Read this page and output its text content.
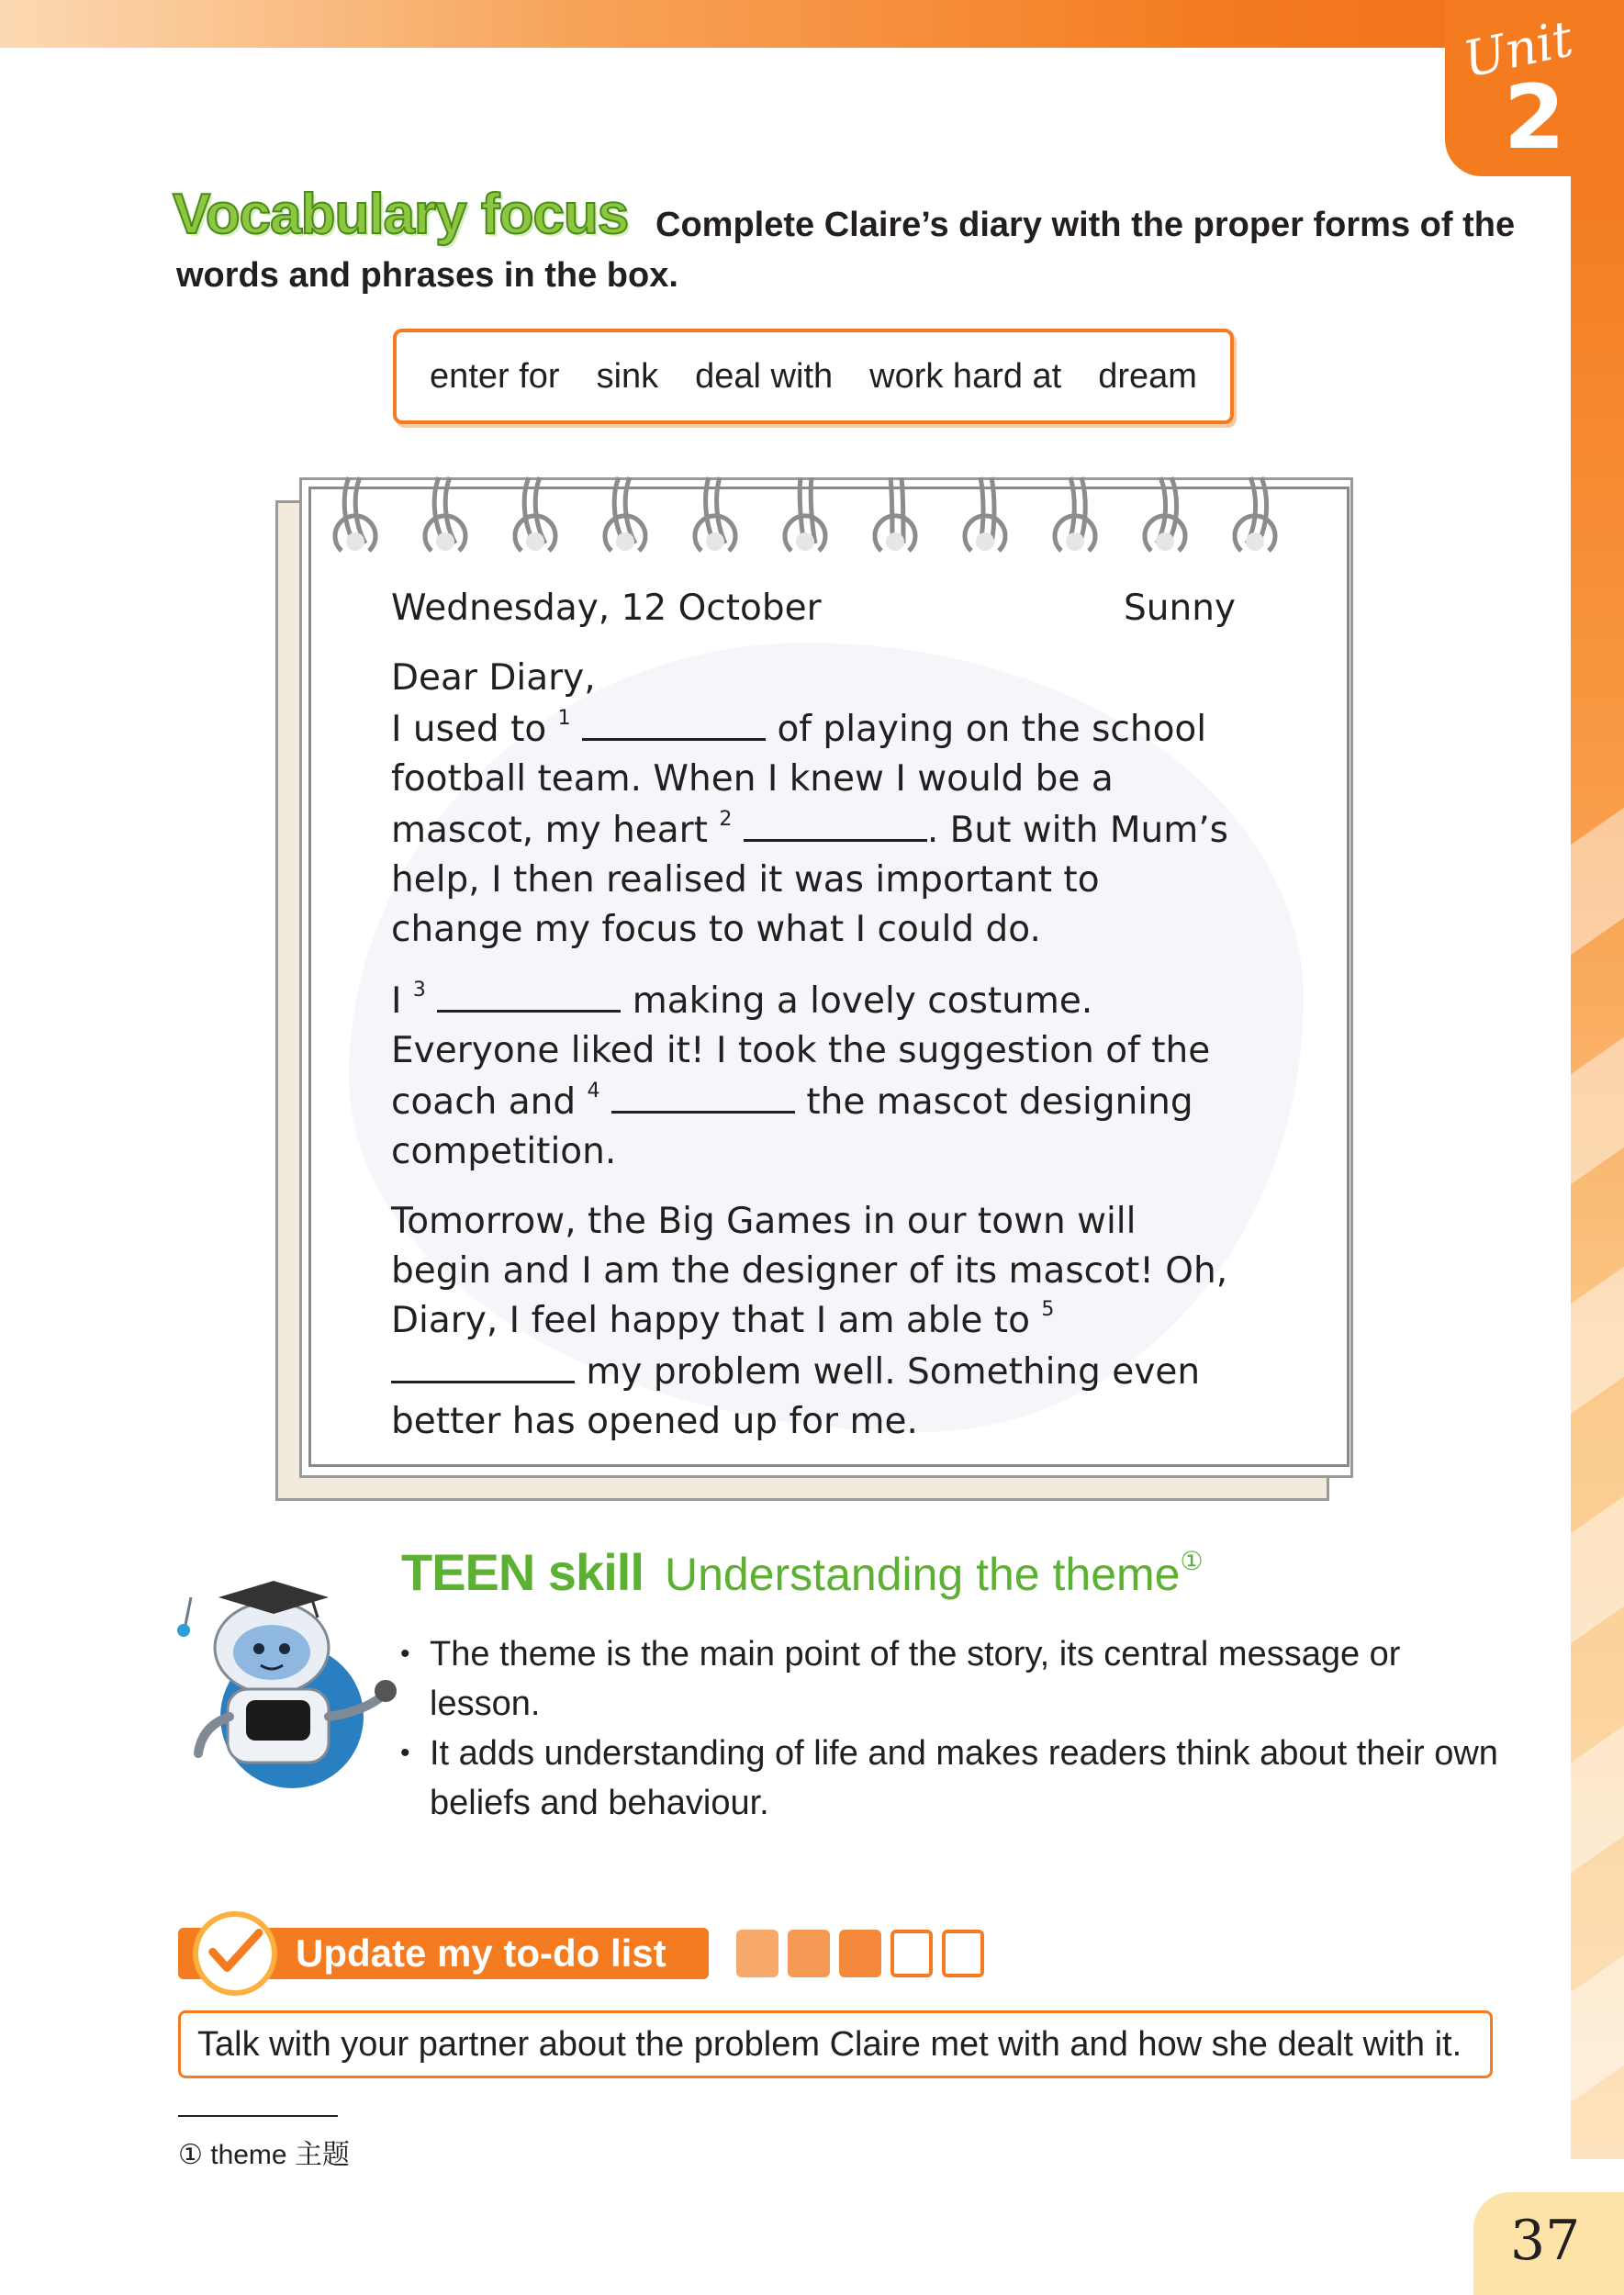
Unit
2
Complete Claire’s diary with the proper forms of the words and phrases in the box.
Vocabulary focus
enter for sink deal with work hard at dream
Wednesday, 12 October	Sunny

Dear Diary,

I used to $^1$	of playing on the school football team. When I knew I would be a mascot, my heart $^2$	. But with Mum’s help, I then realised it was important to change my focus to what I could do.

I $^3$	making a lovely costume. Everyone liked it! I took the suggestion of the coach and $^4$	the mascot designing competition.

Tomorrow, the Big Games in our town will begin and I am the designer of its mascot! Oh, Diary, I feel happy that I am able to $^5$  my problem well. Something even better has opened up for me.

TEEN skill Understanding the theme①
• The theme is the main point of the story, its central message or lesson.
• It adds understanding of life and makes readers think about their own beliefs and behaviour.
Update my to-do list
Talk with your partner about the problem Claire met with and how she dealt with it.
① theme 主题
37
